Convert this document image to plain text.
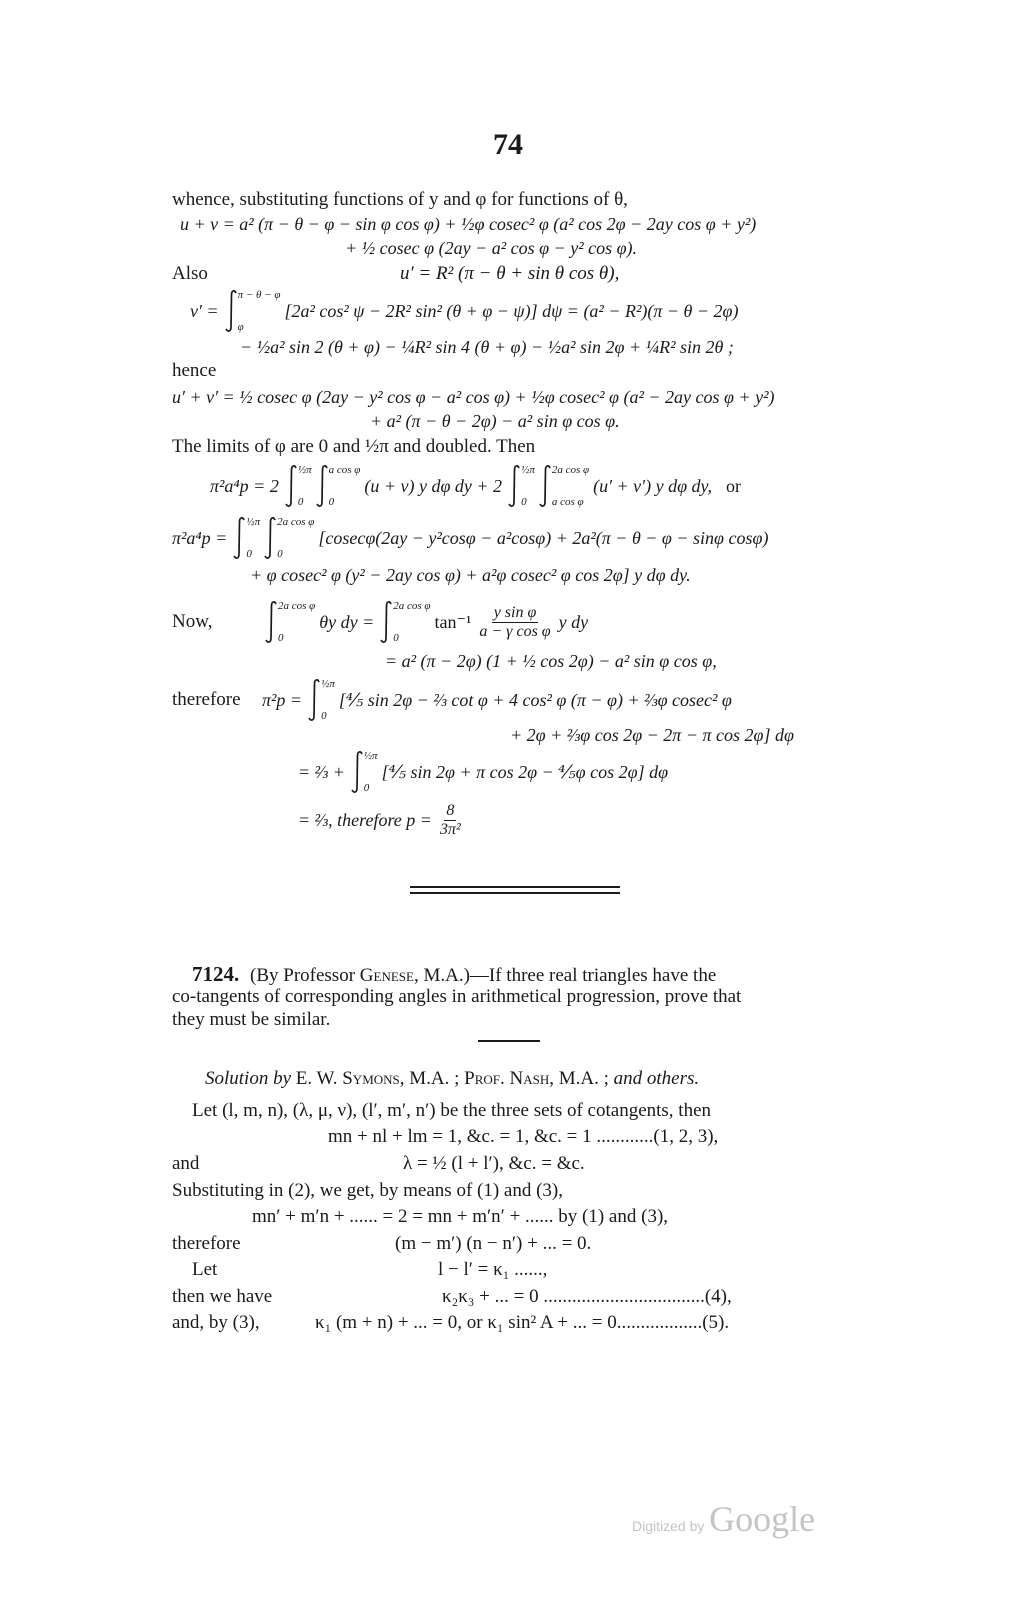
74
whence, substituting functions of y and φ for functions of θ,
u + v = a² (π − θ − φ − sin φ cos φ) + ½φ cosec² φ (a² cos 2φ − 2ay cos φ + y²)
+ ½ cosec φ (2ay − a² cos φ − y² cos φ).
Also	u′ = R² (π − θ + sin θ cos θ),
v′ =
π − θ − φ
φ
[2a² cos² ψ − 2R² sin² (θ + φ − ψ)] dψ = (a² − R²)(π − θ − 2φ)
− ½a² sin 2 (θ + φ) − ¼R² sin 4 (θ + φ) − ½a² sin 2φ + ¼R² sin 2θ ;
hence
u′ + v′ = ½ cosec φ (2ay − y² cos φ − a² cos φ) + ½φ cosec² φ (a² − 2ay cos φ + y²)
+ a² (π − θ − 2φ) − a² sin φ cos φ.
The limits of φ are 0 and ½π and doubled. Then
π²a⁴p = 2
½π
0
a cos φ
0
(u + v) y dφ dy + 2
½π
0
2a cos φ
a cos φ
(u′ + v′) y dφ dy, or
π²a⁴p =
½π
0
2a cos φ
0
[cosecφ(2ay − y²cosφ − a²cosφ) + 2a²(π − θ − φ − sinφ cosφ)
+ φ cosec² φ (y² − 2ay cos φ) + a²φ cosec² φ cos 2φ] y dφ dy.
Now,
2a cos φ
0
θy dy =
2a cos φ
0
$\tan^{-1} \frac{\text{y sin φ}}{\text{a − γ cos φ}}$ y dy
= a² (π − 2φ) (1 + ½ cos 2φ) − a² sin φ cos φ,
therefore π²p =
½π
0
[⅘ sin 2φ − ⅔ cot φ + 4 cos² φ (π − φ) + ⅔φ cosec² φ
+ 2φ + ⅔φ cos 2φ − 2π − π cos 2φ] dφ
= ⅔ +
½π
0
[⅘ sin 2φ + π cos 2φ − ⅘φ cos 2φ] dφ
= ⅔, therefore $p = \frac{8}{\text{3π²}}$
7124. (By Professor Genese, M.A.)—If three real triangles have the
co-tangents of corresponding angles in arithmetical progression, prove that
they must be similar.
Solution by E. W. Symons, M.A. ; Prof. Nash, M.A. ; and others.
Let (l, m, n), (λ, μ, ν), (l′, m′, n′) be the three sets of cotangents, then
mn + nl + lm = 1, &c. = 1, &c. = 1 ............(1, 2, 3),
and	λ = ½ (l + l′), &c. = &c.
Substituting in (2), we get, by means of (1) and (3),
mn′ + m′n + ...... = 2 = mn + m′n′ + ...... by (1) and (3),
therefore	(m − m′) (n − n′) + ... = 0.
Let	l − l′ = κ₁ ......,
then we have	κ₂κ₃ + ... = 0 ..................................(4),
and, by (3),	κ₁ (m + n) + ... = 0, or κ₁ sin² A + ... = 0..................(5).
Digitized by Google
